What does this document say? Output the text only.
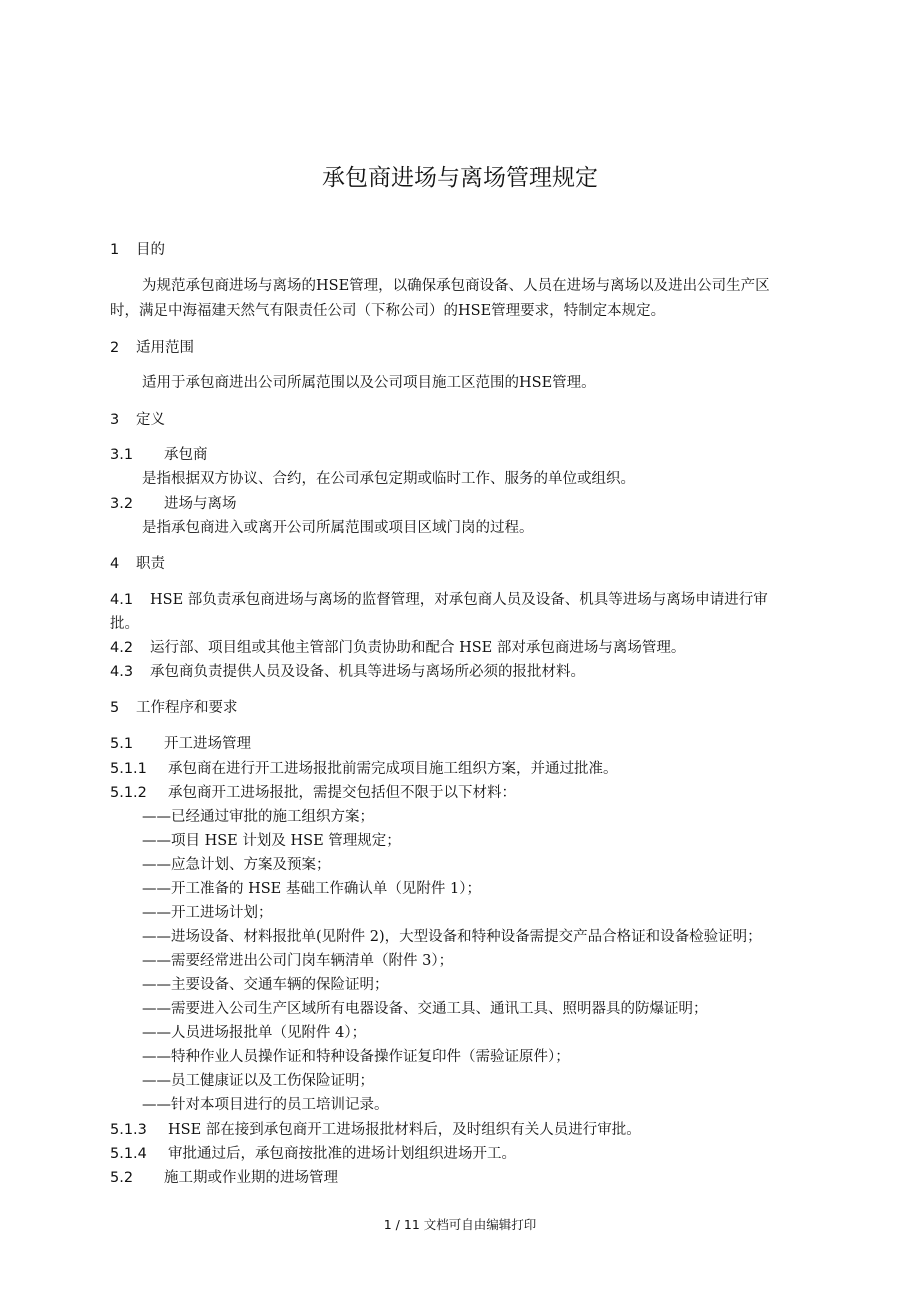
承包商进场与离场管理规定
1 目的
为规范承包商进场与离场的HSE管理，以确保承包商设备、人员在进场与离场以及进出公司生产区
时，满足中海福建天然气有限责任公司（下称公司）的HSE管理要求，特制定本规定。
2 适用范围
适用于承包商进出公司所属范围以及公司项目施工区范围的HSE管理。
3 定义
3.1 承包商
是指根据双方协议、合约，在公司承包定期或临时工作、服务的单位或组织。
3.2 进场与离场
是指承包商进入或离开公司所属范围或项目区域门岗的过程。
4 职责
4.1 HSE 部负责承包商进场与离场的监督管理，对承包商人员及设备、机具等进场与离场申请进行审
批。
4.2 运行部、项目组或其他主管部门负责协助和配合 HSE 部对承包商进场与离场管理。
4.3 承包商负责提供人员及设备、机具等进场与离场所必须的报批材料。
5 工作程序和要求
5.1 开工进场管理
5.1.1 承包商在进行开工进场报批前需完成项目施工组织方案，并通过批准。
5.1.2 承包商开工进场报批，需提交包括但不限于以下材料：
——已经通过审批的施工组织方案；
——项目 HSE 计划及 HSE 管理规定；
——应急计划、方案及预案；
——开工准备的 HSE 基础工作确认单（见附件 1）；
——开工进场计划；
——进场设备、材料报批单(见附件 2)，大型设备和特种设备需提交产品合格证和设备检验证明；
——需要经常进出公司门岗车辆清单（附件 3）；
——主要设备、交通车辆的保险证明；
——需要进入公司生产区域所有电器设备、交通工具、通讯工具、照明器具的防爆证明；
——人员进场报批单（见附件 4）；
——特种作业人员操作证和特种设备操作证复印件（需验证原件）；
——员工健康证以及工伤保险证明；
——针对本项目进行的员工培训记录。
5.1.3 HSE 部在接到承包商开工进场报批材料后，及时组织有关人员进行审批。
5.1.4 审批通过后，承包商按批准的进场计划组织进场开工。
5.2 施工期或作业期的进场管理
1 / 11 文档可自由编辑打印
